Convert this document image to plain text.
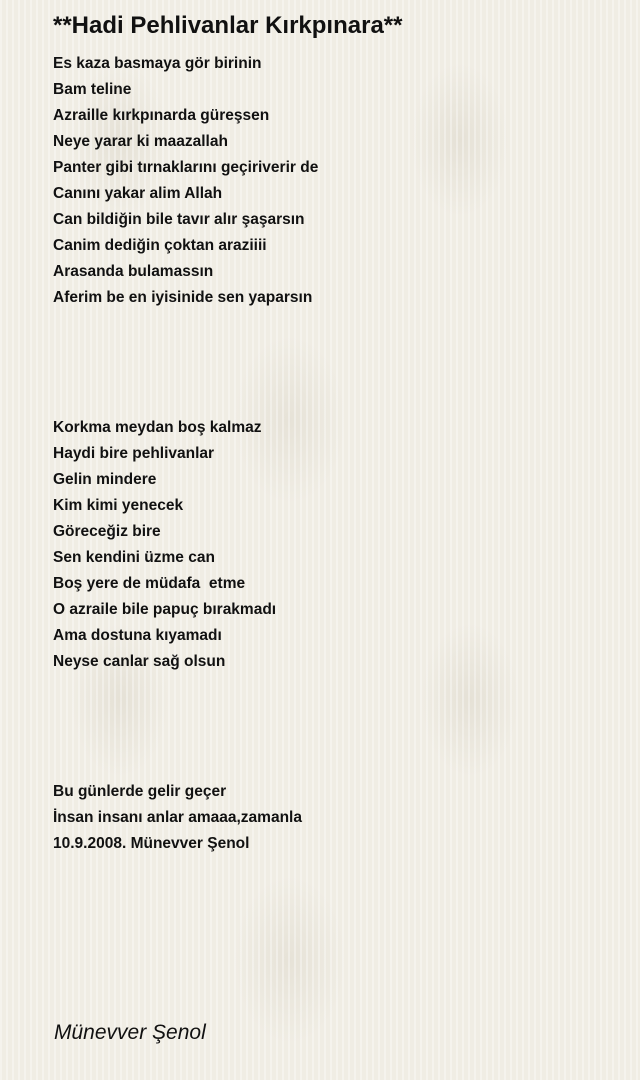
**Hadi Pehlivanlar Kırkpınara**
Es kaza basmaya gör birinin
Bam teline
Azraille kırkpınarda güreşsen
Neye yarar ki maazallah
Panter gibi tırnaklarını geçiriverir de
Canını yakar alim Allah
Can bildiğin bile tavır alır şaşarsın
Canim dediğin çoktan araziiii
Arasanda bulamassın
Aferim be en iyisinide sen yaparsın
Korkma meydan boş kalmaz
Haydi bire pehlivanlar
Gelin mindere
Kim kimi yenecek
Göreceğiz bire
Sen kendini üzme can
Boş yere de müdafa  etme
O azraile bile papuç bırakmadı
Ama dostuna kıyamadı
Neyse canlar sağ olsun
Bu günlerde gelir geçer
İnsan insanı anlar amaaa,zamanla
10.9.2008. Münevver Şenol
Münevver Şenol
